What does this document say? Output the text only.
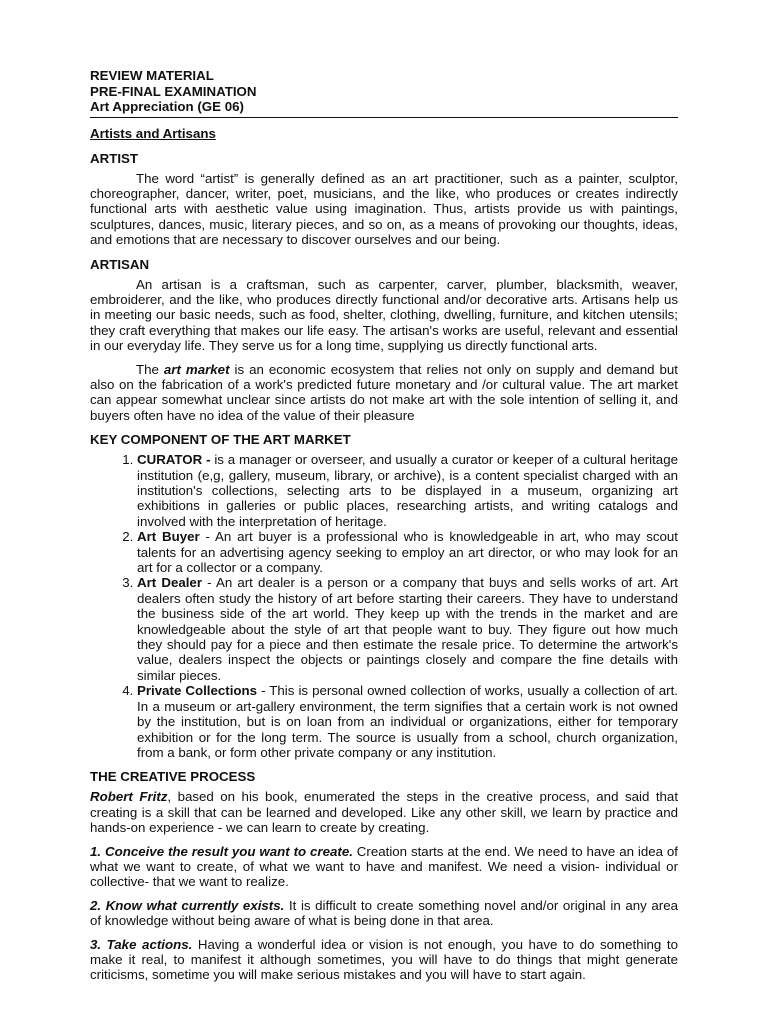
REVIEW MATERIAL
PRE-FINAL EXAMINATION
Art Appreciation (GE 06)
Artists and Artisans
ARTIST

The word “artist” is generally defined as an art practitioner, such as a painter, sculptor, choreographer, dancer, writer, poet, musicians, and the like, who produces or creates indirectly functional arts with aesthetic value using imagination. Thus, artists provide us with paintings, sculptures, dances, music, literary pieces, and so on, as a means of provoking our thoughts, ideas, and emotions that are necessary to discover ourselves and our being.

ARTISAN

An artisan is a craftsman, such as carpenter, carver, plumber, blacksmith, weaver, embroiderer, and the like, who produces directly functional and/or decorative arts. Artisans help us in meeting our basic needs, such as food, shelter, clothing, dwelling, furniture, and kitchen utensils; they craft everything that makes our life easy. The artisan's works are useful, relevant and essential in our everyday life. They serve us for a long time, supplying us directly functional arts.

The art market is an economic ecosystem that relies not only on supply and demand but also on the fabrication of a work's predicted future monetary and /or cultural value. The art market can appear somewhat unclear since artists do not make art with the sole intention of selling it, and buyers often have no idea of the value of their pleasure

KEY COMPONENT OF THE ART MARKET
1. CURATOR - is a manager or overseer, and usually a curator or keeper of a cultural heritage institution (e,g, gallery, museum, library, or archive), is a content specialist charged with an institution's collections, selecting arts to be displayed in a museum, organizing art exhibitions in galleries or public places, researching artists, and writing catalogs and involved with the interpretation of heritage.
2. Art Buyer - An art buyer is a professional who is knowledgeable in art, who may scout talents for an advertising agency seeking to employ an art director, or who may look for an art for a collector or a company.
3. Art Dealer - An art dealer is a person or a company that buys and sells works of art. Art dealers often study the history of art before starting their careers. They have to understand the business side of the art world. They keep up with the trends in the market and are knowledgeable about the style of art that people want to buy. They figure out how much they should pay for a piece and then estimate the resale price. To determine the artwork's value, dealers inspect the objects or paintings closely and compare the fine details with similar pieces.
4. Private Collections - This is personal owned collection of works, usually a collection of art. In a museum or art-gallery environment, the term signifies that a certain work is not owned by the institution, but is on loan from an individual or organizations, either for temporary exhibition or for the long term. The source is usually from a school, church organization, from a bank, or form other private company or any institution.
THE CREATIVE PROCESS

Robert Fritz, based on his book, enumerated the steps in the creative process, and said that creating is a skill that can be learned and developed. Like any other skill, we learn by practice and hands-on experience - we can learn to create by creating.

1. Conceive the result you want to create. Creation starts at the end. We need to have an idea of what we want to create, of what we want to have and manifest. We need a vision- individual or collective- that we want to realize.

2. Know what currently exists. It is difficult to create something novel and/or original in any area of knowledge without being aware of what is being done in that area.

3. Take actions. Having a wonderful idea or vision is not enough, you have to do something to make it real, to manifest it although sometimes, you will have to do things that might generate criticisms, sometime you will make serious mistakes and you will have to start again.
